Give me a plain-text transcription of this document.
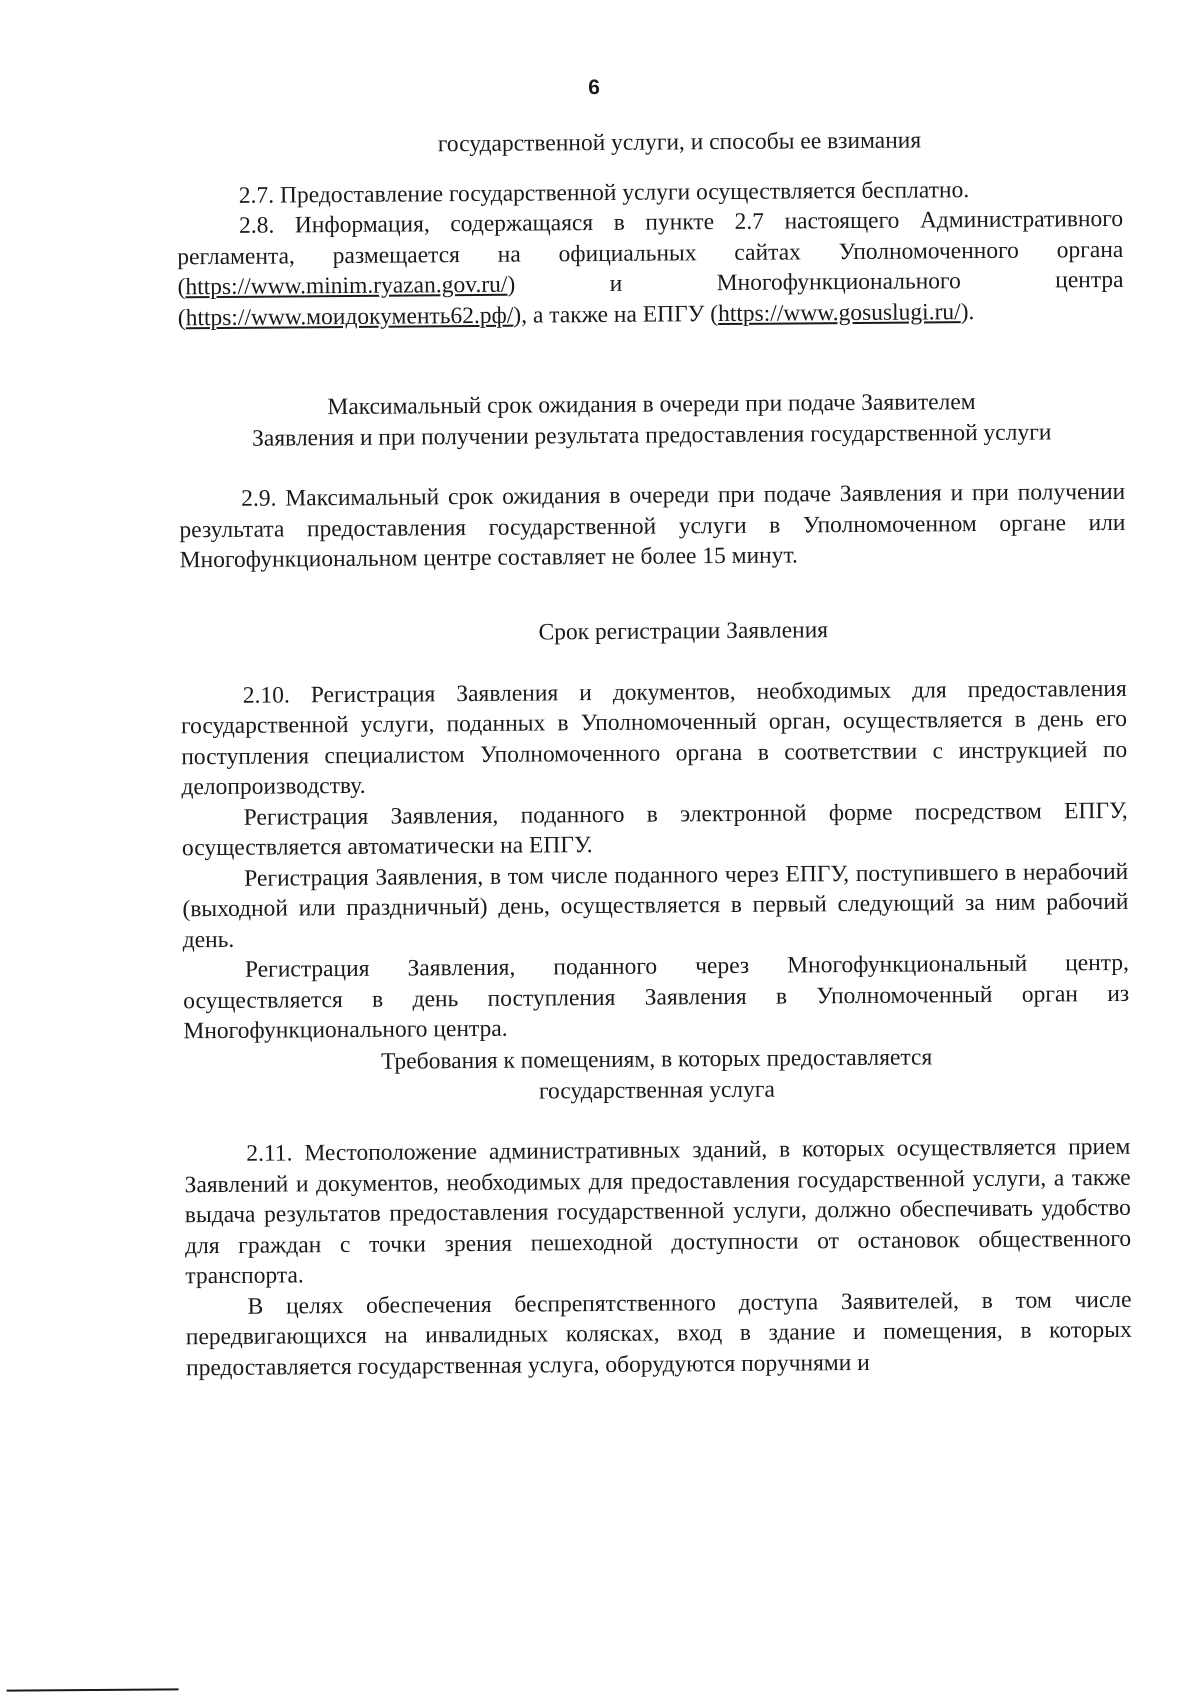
6

государственной услуги, и способы ее взимания

2.7. Предоставление государственной услуги осуществляется бесплатно.

2.8. Информация, содержащаяся в пункте 2.7 настоящего Административного регламента, размещается на официальных сайтах Уполномоченного органа (https://www.minim.ryazan.gov.ru/) и Многофункционального центра (https://www.моидокументь62.рф/), а также на ЕПГУ (https://www.gosuslugi.ru/).

Максимальный срок ожидания в очереди при подаче Заявителем

Заявления и при получении результата предоставления государственной услуги

2.9. Максимальный срок ожидания в очереди при подаче Заявления и при получении результата предоставления государственной услуги в Уполномоченном органе или Многофункциональном центре составляет не более 15 минут.

Срок регистрации Заявления

2.10. Регистрация Заявления и документов, необходимых для предоставления государственной услуги, поданных в Уполномоченный орган, осуществляется в день его поступления специалистом Уполномоченного органа в соответствии с инструкцией по делопроизводству.

Регистрация Заявления, поданного в электронной форме посредством ЕПГУ, осуществляется автоматически на ЕПГУ.

Регистрация Заявления, в том числе поданного через ЕПГУ, поступившего в нерабочий (выходной или праздничный) день, осуществляется в первый следующий за ним рабочий день.

Регистрация Заявления, поданного через Многофункциональный центр, осуществляется в день поступления Заявления в Уполномоченный орган из Многофункционального центра.

Требования к помещениям, в которых предоставляется

государственная услуга

2.11. Местоположение административных зданий, в которых осуществляется прием Заявлений и документов, необходимых для предоставления государственной услуги, а также выдача результатов предоставления государственной услуги, должно обеспечивать удобство для граждан с точки зрения пешеходной доступности от остановок общественного транспорта.

В целях обеспечения беспрепятственного доступа Заявителей, в том числе передвигающихся на инвалидных колясках, вход в здание и помещения, в которых предоставляется государственная услуга, оборудуются поручнями и
